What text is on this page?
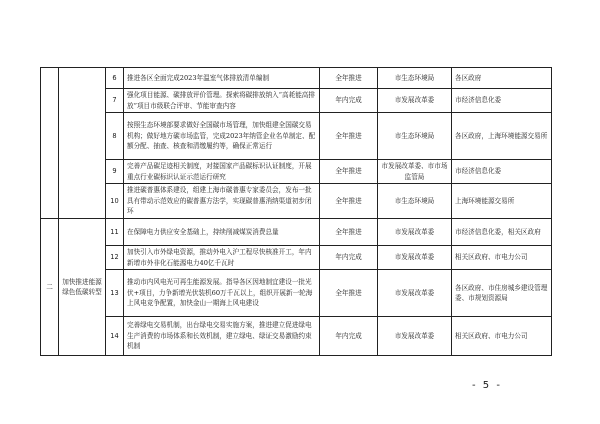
		6	推进各区全面完成2023年温室气体排放清单编制	全年推进	市生态环境局	各区政府
		7	强化项目能源、碳排放评价管理。探索将碳排放纳入“高耗能高排放”项目市级联合评审、节能审查内容	年内完成	市发展改革委	市经济信息化委
		8	按照生态环境部要求做好全国碳市场管理，加快组建全国碳交易机构；做好地方碳市场监管，完成2023年纳管企业名单制定、配额分配、抽查、核查和清缴履约等，确保正常运行	全年推进	市生态环境局	各区政府，上海环境能源交易所
		9	完善产品碳足迹相关制度，对接国家产品碳标识认证制度，开展重点行业碳标识认证示范运行研究	全年推进	市发展改革委、市市场监管局	市经济信息化委
		10	推进碳普惠体系建设，组建上海市碳普惠专家委员会，发布一批具有带动示范效应的碳普惠方法学，实现碳普惠消纳渠道初步闭环	全年推进	市生态环境局	上海环境能源交易所
二	加快推进能源绿色低碳转型	11	在保障电力供应安全基础上，持续削减煤炭消费总量	全年推进	市发展改革委	市经济信息化委，相关区政府
		12	加快引入市外绿电资源，推动外电入沪工程尽快核准开工，年内新增市外非化石能源电力40亿千瓦时	年内完成	市发展改革委	相关区政府、市电力公司
		13	推动市内风电光可再生能源发展。指导各区因地制宜建设一批光伏+项目，力争新增光伏装机60万千瓦以上，组织开展新一轮海上风电竞争配置，加快金山一期海上风电建设	全年推进	市发展改革委	各区政府、市住房城乡建设管理委、市规划资源局
		14	完善绿电交易机制，出台绿电交易实施方案，推进建立促进绿电生产消费的市场体系和长效机制，建立绿电、绿证交易激励约束机制	年内完成	市发展改革委	相关区政府、市电力公司
- 5 -
